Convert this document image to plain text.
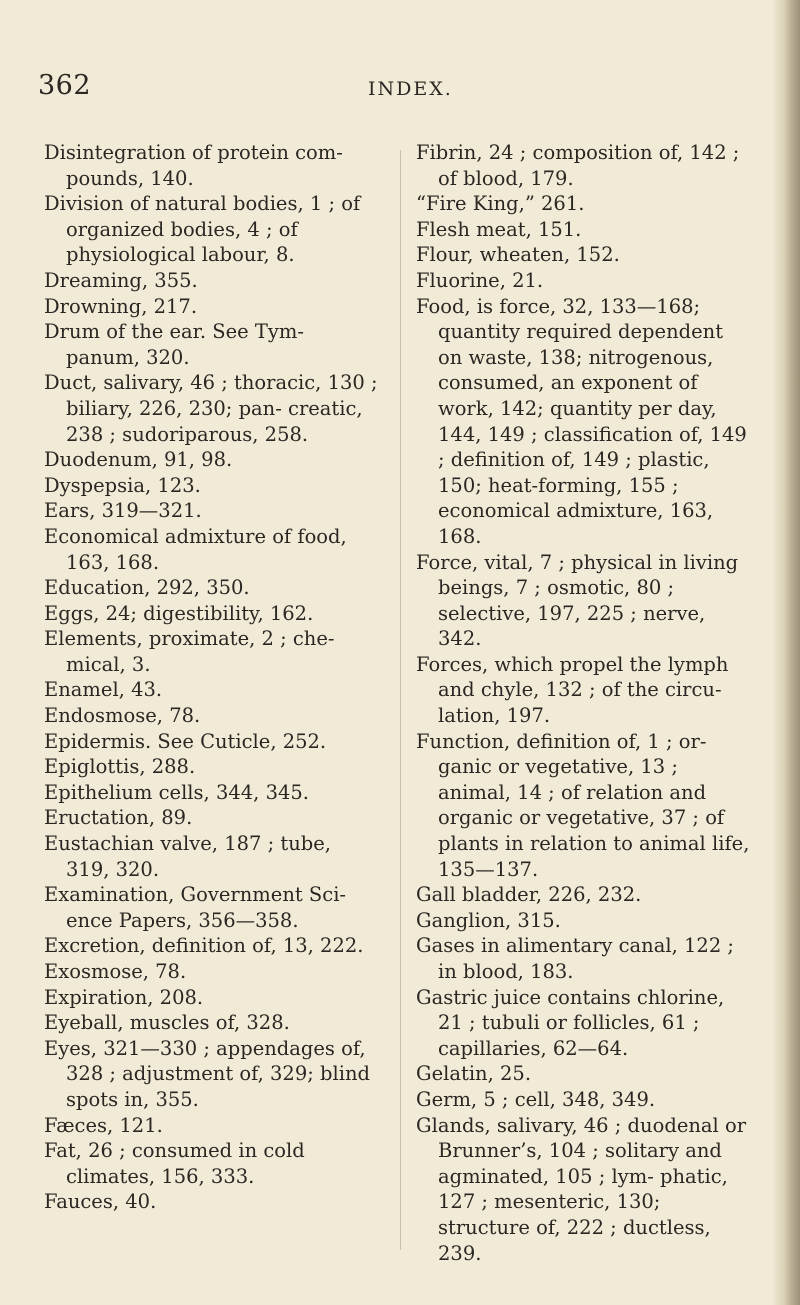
362	INDEX.

Disintegration of protein com- pounds, 140.

Division of natural bodies, 1 ; of organized bodies, 4 ; of physiological labour, 8.

Dreaming, 355.

Drowning, 217.

Drum of the ear. See Tym- panum, 320.

Duct, salivary, 46 ; thoracic, 130 ; biliary, 226, 230; pan- creatic, 238 ; sudoriparous, 258.

Duodenum, 91, 98.

Dyspepsia, 123.

Ears, 319—321.

Economical admixture of food, 163, 168.

Education, 292, 350.

Eggs, 24; digestibility, 162.

Elements, proximate, 2 ; che- mical, 3.

Enamel, 43.

Endosmose, 78.

Epidermis. See Cuticle, 252.

Epiglottis, 288.

Epithelium cells, 344, 345.

Eructation, 89.

Eustachian valve, 187 ; tube, 319, 320.

Examination, Government Sci- ence Papers, 356—358.

Excretion, definition of, 13, 222.

Exosmose, 78.

Expiration, 208.

Eyeball, muscles of, 328.

Eyes, 321—330 ; appendages of, 328 ; adjustment of, 329; blind spots in, 355.

Fæces, 121.

Fat, 26 ; consumed in cold climates, 156, 333.

Fauces, 40.

Fibrin, 24 ; composition of, 142 ; of blood, 179.

“Fire King,” 261.

Flesh meat, 151.

Flour, wheaten, 152.

Fluorine, 21.

Food, is force, 32, 133—168; quantity required dependent on waste, 138; nitrogenous, consumed, an exponent of work, 142; quantity per day, 144, 149 ; classification of, 149 ; definition of, 149 ; plastic, 150; heat-forming, 155 ; economical admixture, 163, 168.

Force, vital, 7 ; physical in living beings, 7 ; osmotic, 80 ; selective, 197, 225 ; nerve, 342.

Forces, which propel the lymph and chyle, 132 ; of the circu- lation, 197.

Function, definition of, 1 ; or- ganic or vegetative, 13 ; animal, 14 ; of relation and organic or vegetative, 37 ; of plants in relation to animal life, 135—137.

Gall bladder, 226, 232.

Ganglion, 315.

Gases in alimentary canal, 122 ; in blood, 183.

Gastric juice contains chlorine, 21 ; tubuli or follicles, 61 ; capillaries, 62—64.

Gelatin, 25.

Germ, 5 ; cell, 348, 349.

Glands, salivary, 46 ; duodenal or Brunner’s, 104 ; solitary and agminated, 105 ; lym- phatic, 127 ; mesenteric, 130; structure of, 222 ; ductless, 239.
